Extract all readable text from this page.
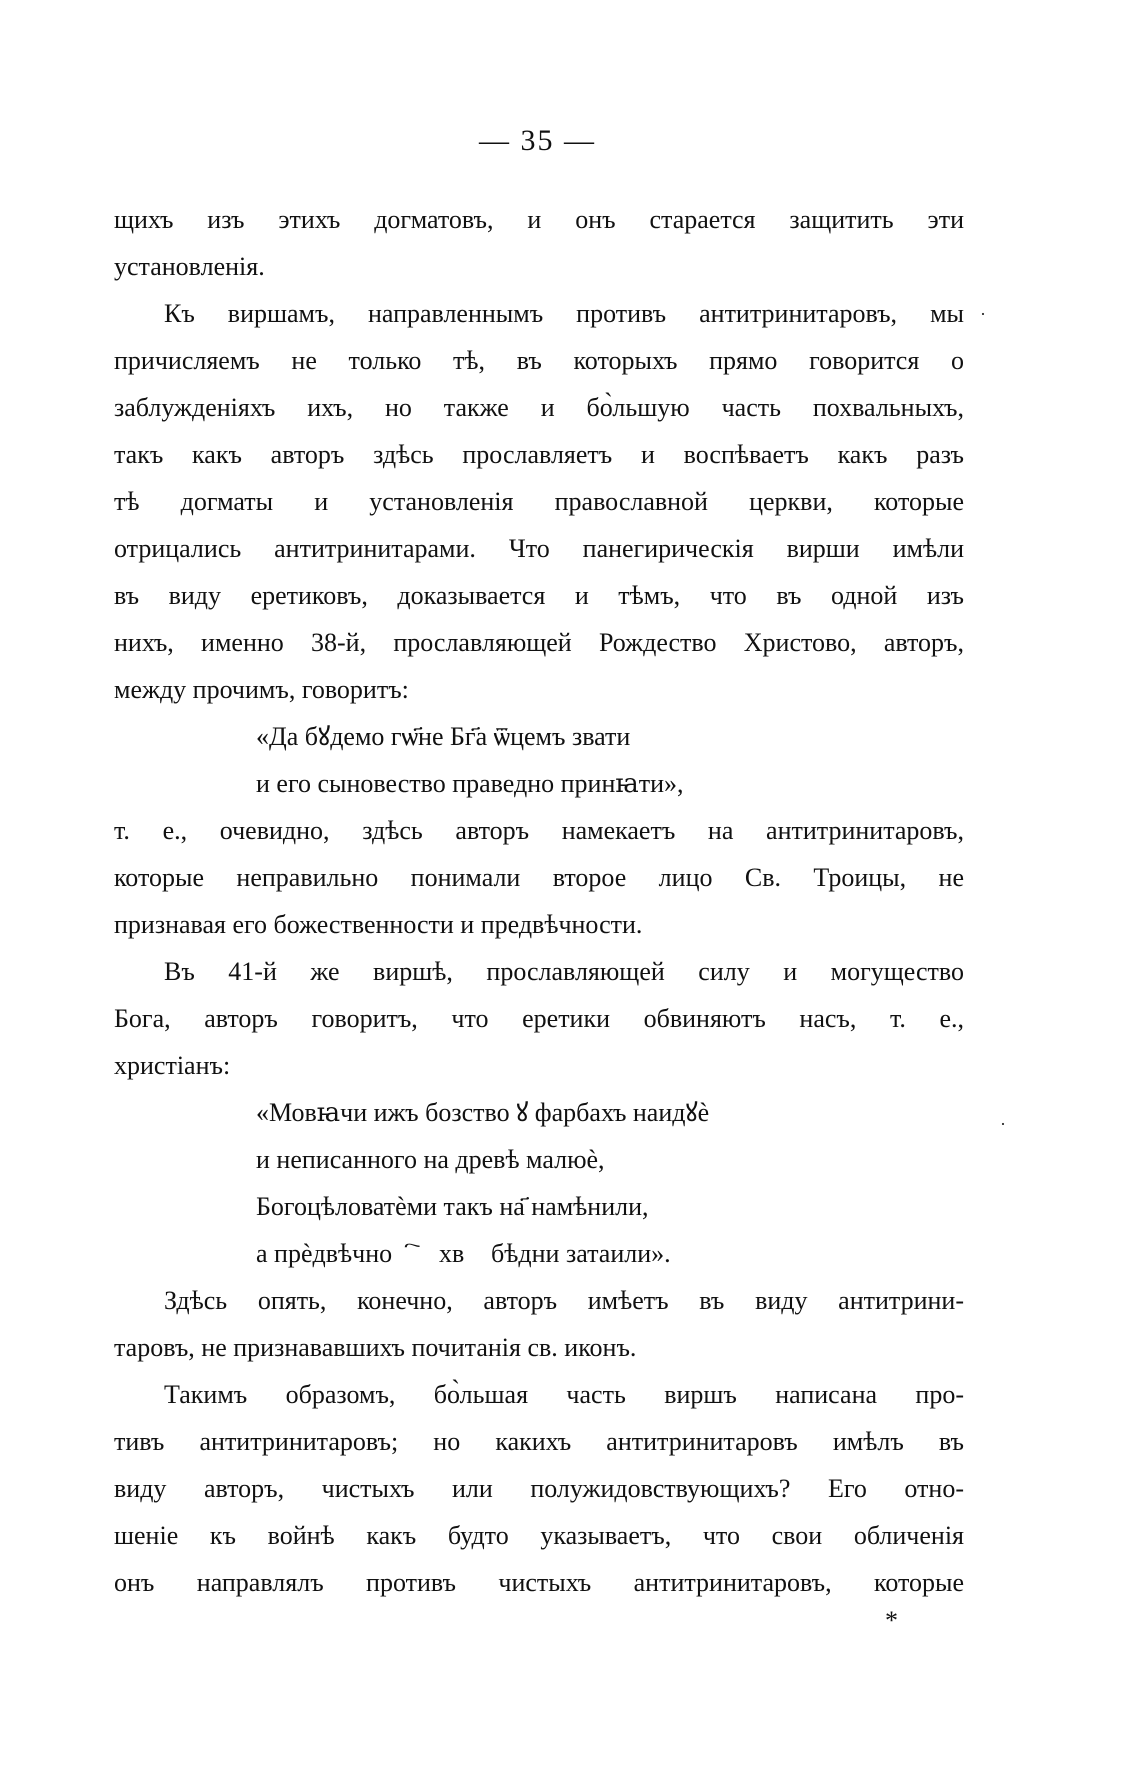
— 35 —
·
·
щихъ изъ этихъ догматовъ, и онъ старается защитить эти
установленія.
Къ виршамъ, направленнымъ противъ антитринитаровъ, мы
причисляемъ не только тѣ, въ которыхъ прямо говорится о
заблужденіяхъ ихъ, но также и бо̀льшую часть похвальныхъ,
такъ какъ авторъ здѣсь прославляетъ и воспѣваетъ какъ разъ
тѣ догматы и установленія православной церкви, которые
отрицались антитринитарами. Что панегирическія вирши имѣли
въ виду еретиковъ, доказывается и тѣмъ, что въ одной изъ
нихъ, именно 38-й, прославляющей Рождество Христово, авторъ,
между прочимъ, говоритъ:
«Да бꙋдемо гѡ҃не Бг҃а ѿцемъ звати
и его сыновество праведно принꙗти»,
т. е., очевидно, здѣсь авторъ намекаетъ на антитринитаровъ,
которые неправильно понимали второе лицо Св. Троицы, не
признавая его божественности и предвѣчности.
Въ 41-й же виршѣ, прославляющей силу и могущество
Бога, авторъ говоритъ, что еретики обвиняютъ насъ, т. е.,
христіанъ:
«Мовꙗчи ижъ бозство ꙋ фарбахъ наидꙋѐ
и неписанного на древѣ малюѐ,
Богоцѣловатѐми такъ на҃ намѣнили,
а прѐдвѣчноⷭ҇ⷮ хвꙋ бѣдни затаили».
Здѣсь опять, конечно, авторъ имѣетъ въ виду антитрини-
таровъ, не признававшихъ почитанія св. иконъ.
Такимъ образомъ, бо̀льшая часть виршъ написана про-
тивъ антитринитаровъ; но какихъ антитринитаровъ имѣлъ въ
виду авторъ, чистыхъ или полужидовствующихъ? Его отно-
шеніе къ войнѣ какъ будто указываетъ, что свои обличенія
онъ направлялъ противъ чистыхъ антитринитаровъ, которые
*
